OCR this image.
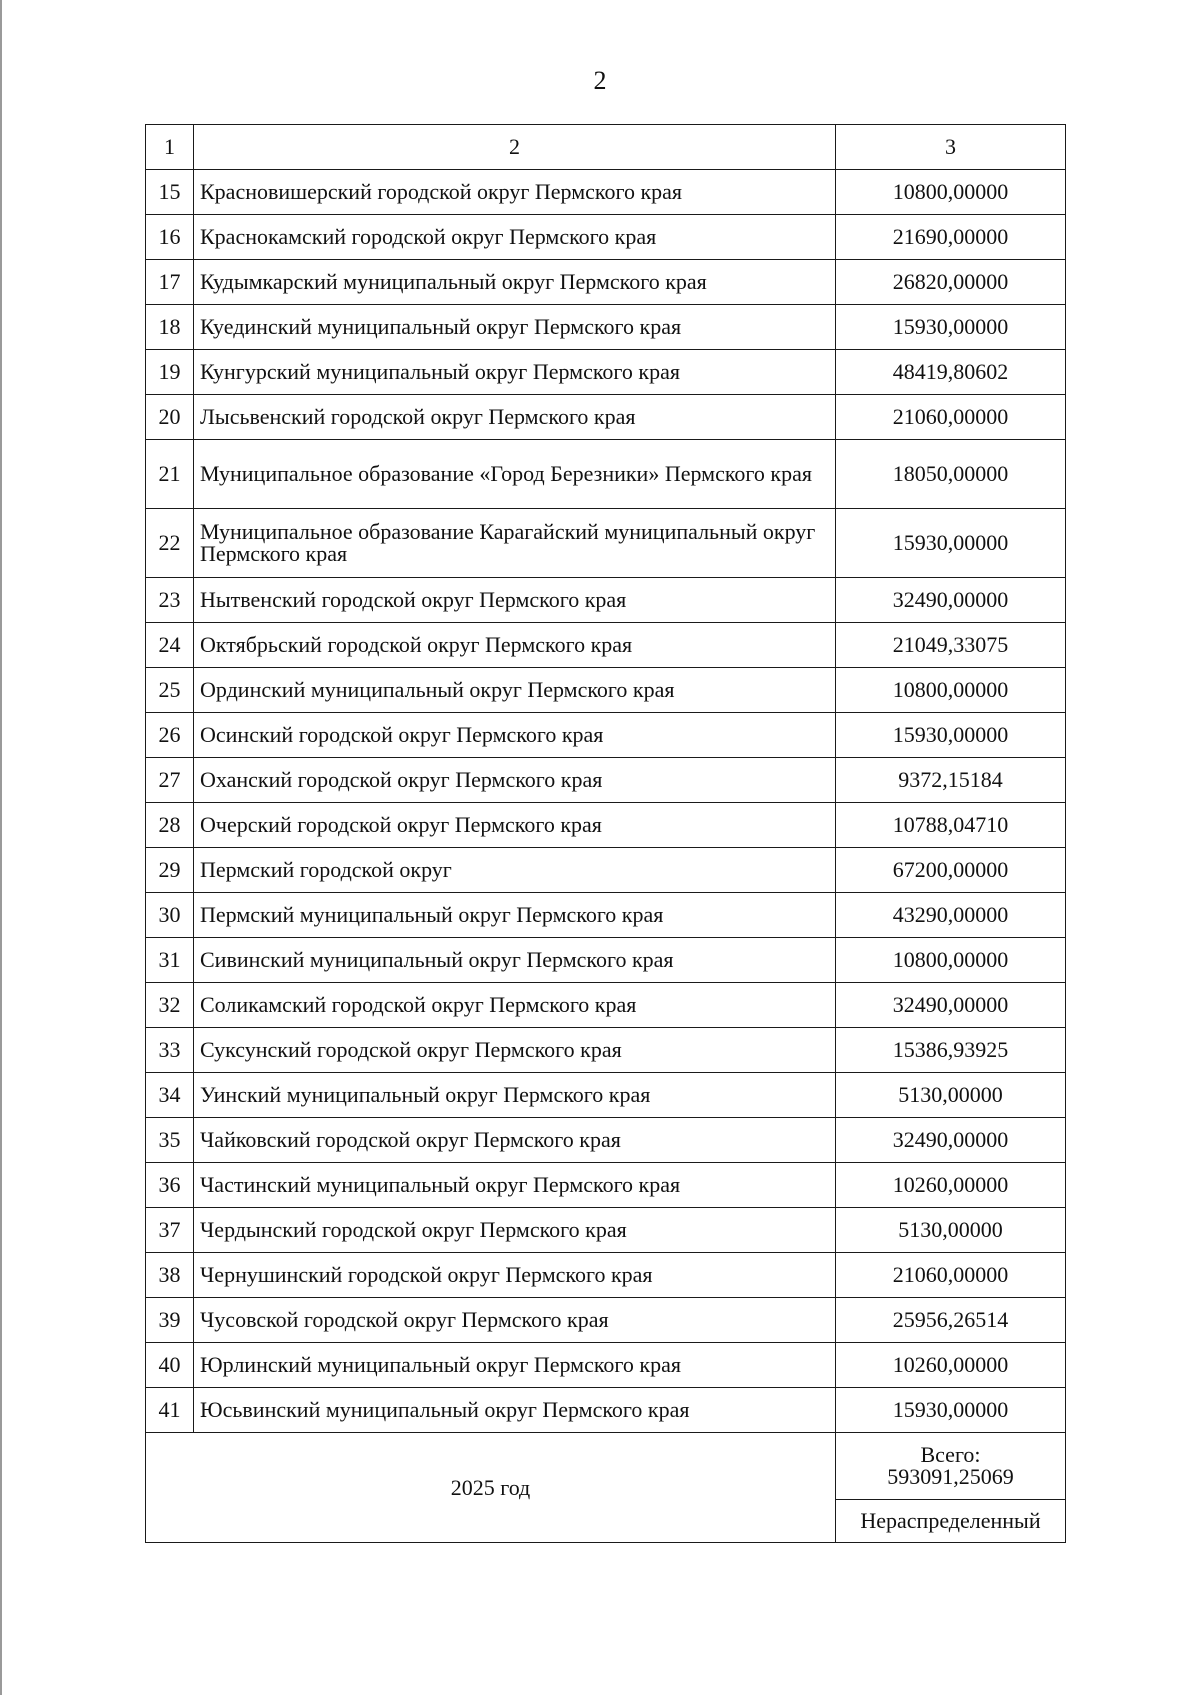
2
1	2	3
15	Красновишерский городской округ Пермского края	10800,00000
16	Краснокамский городской округ Пермского края	21690,00000
17	Кудымкарский муниципальный округ Пермского края	26820,00000
18	Куединский муниципальный округ Пермского края	15930,00000
19	Кунгурский муниципальный округ Пермского края	48419,80602
20	Лысьвенский городской округ Пермского края	21060,00000
21	Муниципальное образование «Город Березники» Пермского края	18050,00000
22	Муниципальное образование Карагайский муниципальный округ Пермского края	15930,00000
23	Нытвенский городской округ Пермского края	32490,00000
24	Октябрьский городской округ Пермского края	21049,33075
25	Ординский муниципальный округ Пермского края	10800,00000
26	Осинский городской округ Пермского края	15930,00000
27	Оханский городской округ Пермского края	9372,15184
28	Очерский городской округ Пермского края	10788,04710
29	Пермский городской округ	67200,00000
30	Пермский муниципальный округ Пермского края	43290,00000
31	Сивинский муниципальный округ Пермского края	10800,00000
32	Соликамский городской округ Пермского края	32490,00000
33	Суксунский городской округ Пермского края	15386,93925
34	Уинский муниципальный округ Пермского края	5130,00000
35	Чайковский городской округ Пермского края	32490,00000
36	Частинский муниципальный округ Пермского края	10260,00000
37	Чердынский городской округ Пермского края	5130,00000
38	Чернушинский городской округ Пермского края	21060,00000
39	Чусовской городской округ Пермского края	25956,26514
40	Юрлинский муниципальный округ Пермского края	10260,00000
41	Юсьвинский муниципальный округ Пермского края	15930,00000
2025 год		Всего:
593091,25069
		Нераспределенный
